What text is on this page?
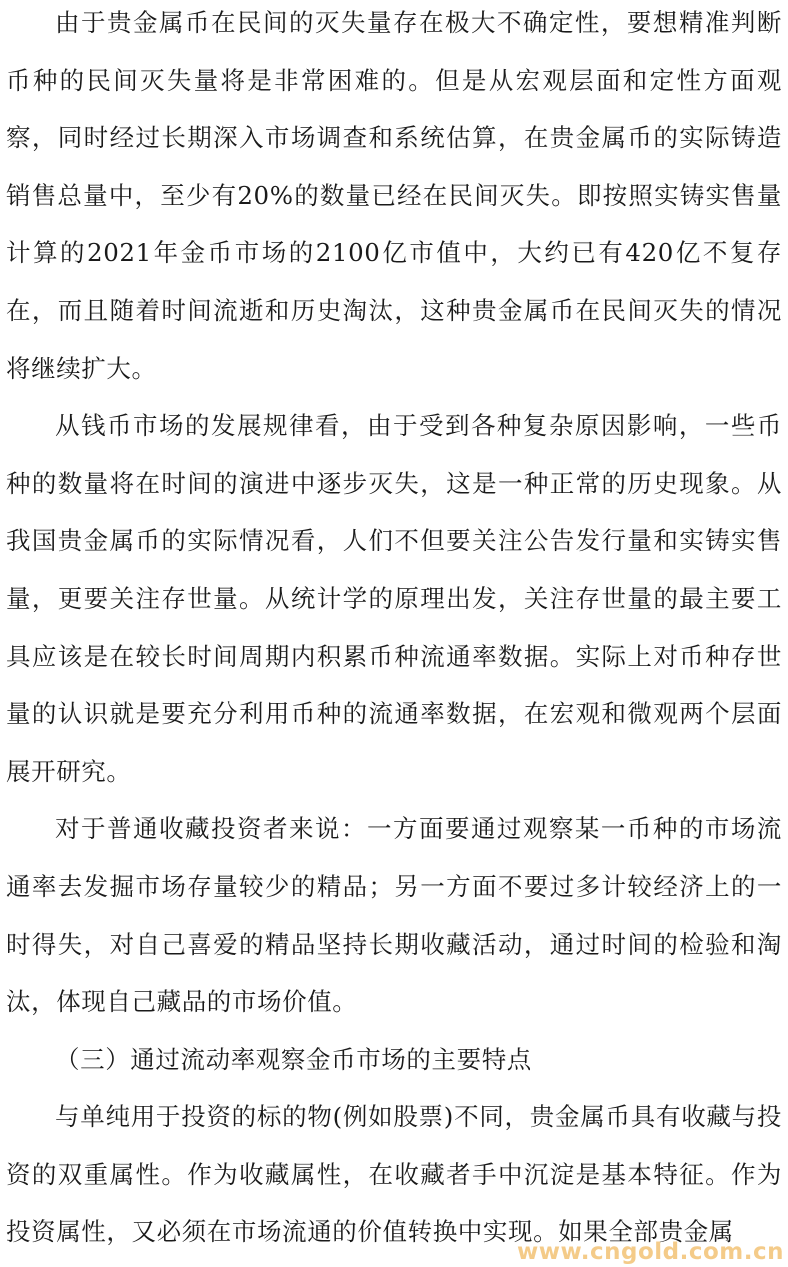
由于贵金属币在民间的灭失量存在极大不确定性，要想精准判断币种的民间灭失量将是非常困难的。但是从宏观层面和定性方面观察，同时经过长期深入市场调查和系统估算，在贵金属币的实际铸造销售总量中，至少有20%的数量已经在民间灭失。即按照实铸实售量计算的2021年金币市场的2100亿市值中，大约已有420亿不复存在，而且随着时间流逝和历史淘汰，这种贵金属币在民间灭失的情况将继续扩大。

从钱币市场的发展规律看，由于受到各种复杂原因影响，一些币种的数量将在时间的演进中逐步灭失，这是一种正常的历史现象。从我国贵金属币的实际情况看，人们不但要关注公告发行量和实铸实售量，更要关注存世量。从统计学的原理出发，关注存世量的最主要工具应该是在较长时间周期内积累币种流通率数据。实际上对币种存世量的认识就是要充分利用币种的流通率数据，在宏观和微观两个层面展开研究。

对于普通收藏投资者来说：一方面要通过观察某一币种的市场流通率去发掘市场存量较少的精品；另一方面不要过多计较经济上的一时得失，对自己喜爱的精品坚持长期收藏活动，通过时间的检验和淘汰，体现自己藏品的市场价值。

（三）通过流动率观察金币市场的主要特点

与单纯用于投资的标的物(例如股票)不同，贵金属币具有收藏与投资的双重属性。作为收藏属性，在收藏者手中沉淀是基本特征。作为投资属性，又必须在市场流通的价值转换中实现。如果全部贵金属

www.cngold.com.cn
